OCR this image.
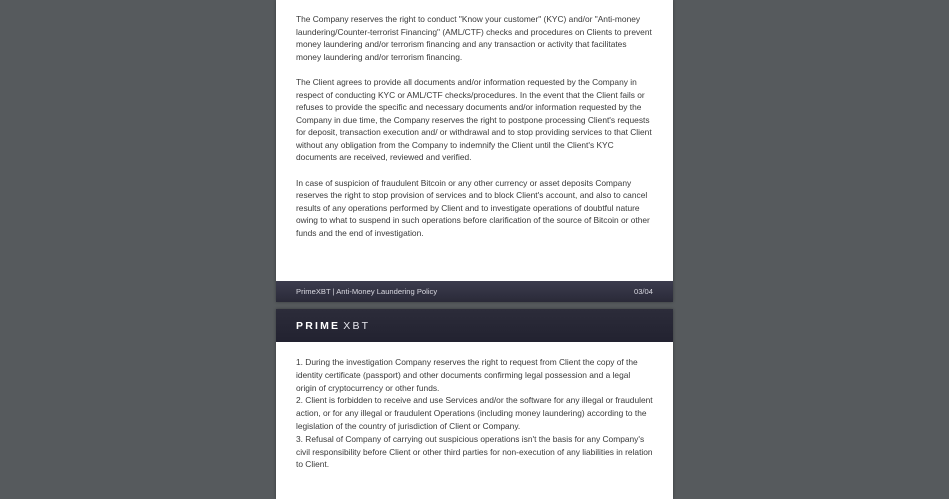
The Company reserves the right to conduct "Know your customer" (KYC) and/or "Anti-money laundering/Counter-terrorist Financing" (AML/CTF) checks and procedures on Clients to prevent money laundering and/or terrorism financing and any transaction or activity that facilitates money laundering and/or terrorism financing.

The Client agrees to provide all documents and/or information requested by the Company in respect of conducting KYC or AML/CTF checks/procedures. In the event that the Client fails or refuses to provide the specific and necessary documents and/or information requested by the Company in due time, the Company reserves the right to postpone processing Client's requests for deposit, transaction execution and/ or withdrawal and to stop providing services to that Client without any obligation from the Company to indemnify the Client until the Client's KYC documents are received, reviewed and verified.

In case of suspicion of fraudulent Bitcoin or any other currency or asset deposits Company reserves the right to stop provision of services and to block Client's account, and also to cancel results of any operations performed by Client and to investigate operations of doubtful nature owing to what to suspend in such operations before clarification of the source of Bitcoin or other funds and the end of investigation.

PrimeXBT | Anti-Money Laundering Policy	03/04
PRIME XBT

1. During the investigation Company reserves the right to request from Client the copy of the identity certificate (passport) and other documents confirming legal possession and a legal origin of cryptocurrency or other funds.

2. Client is forbidden to receive and use Services and/or the software for any illegal or fraudulent action, or for any illegal or fraudulent Operations (including money laundering) according to the legislation of the country of jurisdiction of Client or Company.

3. Refusal of Company of carrying out suspicious operations isn't the basis for any Company's civil responsibility before Client or other third parties for non-execution of any liabilities in relation to Client.
